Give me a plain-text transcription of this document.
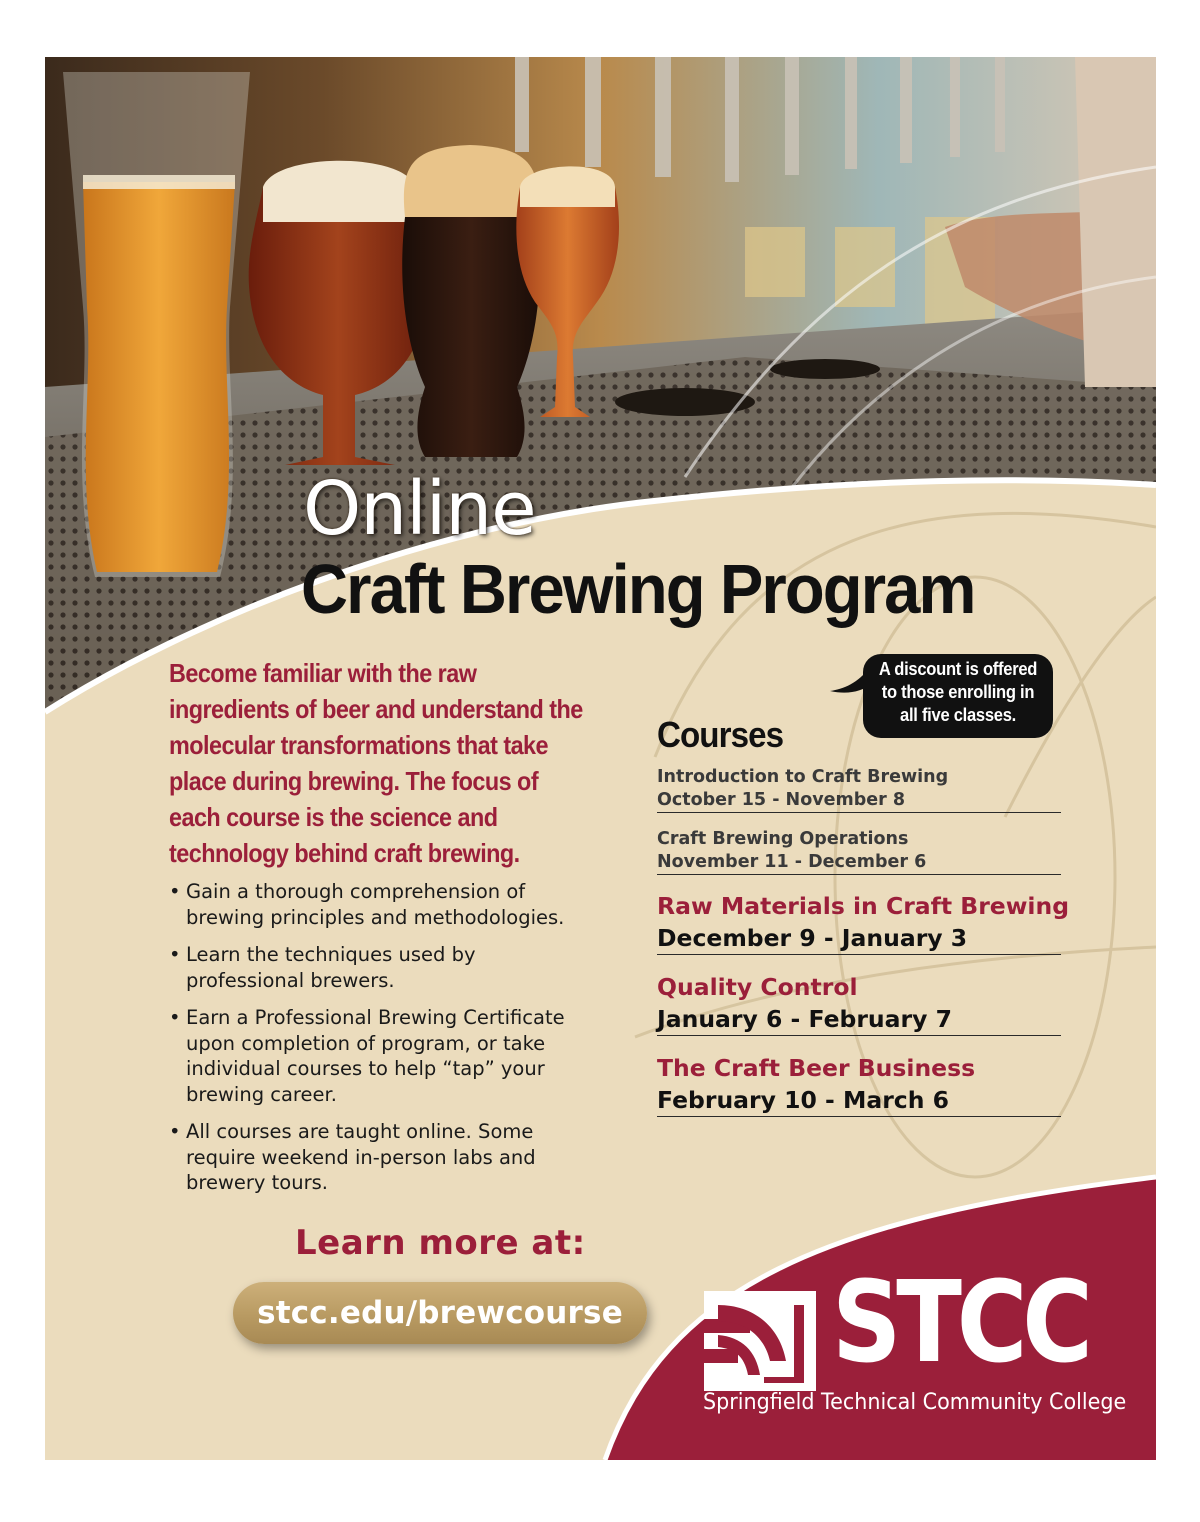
Online
Craft Brewing Program
Become familiar with the raw ingredients of beer and understand the molecular transformations that take place during brewing. The focus of each course is the science and technology behind craft brewing.
• Gain a thorough comprehension of brewing principles and methodologies.
• Learn the techniques used by professional brewers.
• Earn a Professional Brewing Certificate upon completion of program, or take individual courses to help “tap” your brewing career.
• All courses are taught online. Some require weekend in-person labs and brewery tours.
A discount is offered to those enrolling in all five classes.
Courses
Introduction to Craft Brewing
October 15 - November 8
Craft Brewing Operations
November 11 - December 6
Raw Materials in Craft Brewing
December 9 - January 3
Quality Control
January 6 - February 7
The Craft Beer Business
February 10 - March 6
Learn more at:
stcc.edu/brewcourse STCC
Springfield Technical Community College
